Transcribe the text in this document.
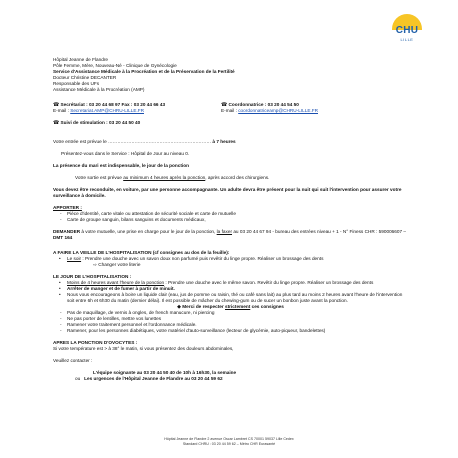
CHU
LILLE
Hôpital Jeanne de Flandre
Pôle Femme, Mère, Nouveau-Né - Clinique de Gynécologie
Service d'Assistance Médicale à la Procréation et de la Préservation de la Fertilité
Docteur Christine DECANTER
Responsable des UFs
Assistance Médicale à la Procréation (AMP)
☎ Secrétariat : 03 20 44 68 97 Fax : 03 20 44 66 43	☎ Coordonnatrice : 03 20 44 54 50
E-mail : Secretariat.AMP@CHRU-LILLE.FR	E-mail : coordonnatriceamp@CHRU-LILLE.FR
☎ Suivi de stimulation : 03 20 44 50 40
Votre entrée est prévue le ………………………………………………………… à 7 heures
Présentez-vous dans le Service : Hôpital de Jour au niveau 0.
La présence du mari est indispensable, le jour de la ponction
Votre sortie est prévue au minimum 4 heures après la ponction, après accord des chirurgiens.
Vous devez être reconduite, en voiture, par une personne accompagnante. Un adulte devra être présent pour la nuit qui suit l'intervention pour assurer votre surveillance à domicile.
APPORTER :
- Pièce d'identité, carte vitale ou attestation de sécurité sociale et carte de mutuelle
- Carte de groupe sanguin, bilans sanguins et documents médicaux,
DEMANDER à votre mutuelle, une prise en charge pour le jour de la ponction, la faxer au 03 20 44 67 94 - bureau des entrées niveau + 1 - N° Finess CHR : 590006607 – DMT 164
A FAIRE LA VEILLE DE L'HOSPITALISATION (cf consignes au dos de la feuille):
• Le soir : Prendre une douche avec un savon doux non parfumé puis revêtir du linge propre. Réaliser un brossage des dents
⇨ Changer votre literie
LE JOUR DE L'HOSPITALISATION :
• Moins de 4 heures avant l'heure de la ponction : Prendre une douche avec le même savon. Revêtir du linge propre. Réaliser un brossage des dents
• Arrêter de manger et de fumer à partir de minuit.
• Nous vous encourageons à boire un liquide clair (eau, jus de pomme ou raisin, thé ou café sans lait) au plus tard au moins 2 heures avant l'heure de l'intervention soit entre 6h et 6h30 du matin (dernier délai). Il est possible de mâcher du chewing-gum ou de sucer un bonbon juste avant la ponction.
◆ Merci de respecter strictement ces consignes
- Pas de maquillage, de vernis à ongles, de french manucure, ni piercing
- Ne pas porter de lentilles, mettre vos lunettes
- Ramener votre traitement personnel et l'ordonnance médicale.
- Ramener, pour les personnes diabétiques, votre matériel d'auto-surveillance (lecteur de glycémie, auto-piqueur, bandelettes)
APRES LA PONCTION D'OVOCYTES :
Si votre température est > à 38° le matin, si vous présentez des douleurs abdominales,
Veuillez contacter :
L'équipe soignante au 03 20 44 50 40 de 10h à 16h30, la semaine
ou Les urgences de l'Hôpital Jeanne de Flandre au 03 20 44 59 62
Hôpital Jeanne de Flandre 2 avenue Oscar Lambret CS 70001 59037 Lille Cedex
Standard CHRU : 03 20 44 59 62 – Métro CHR Eurasanté
